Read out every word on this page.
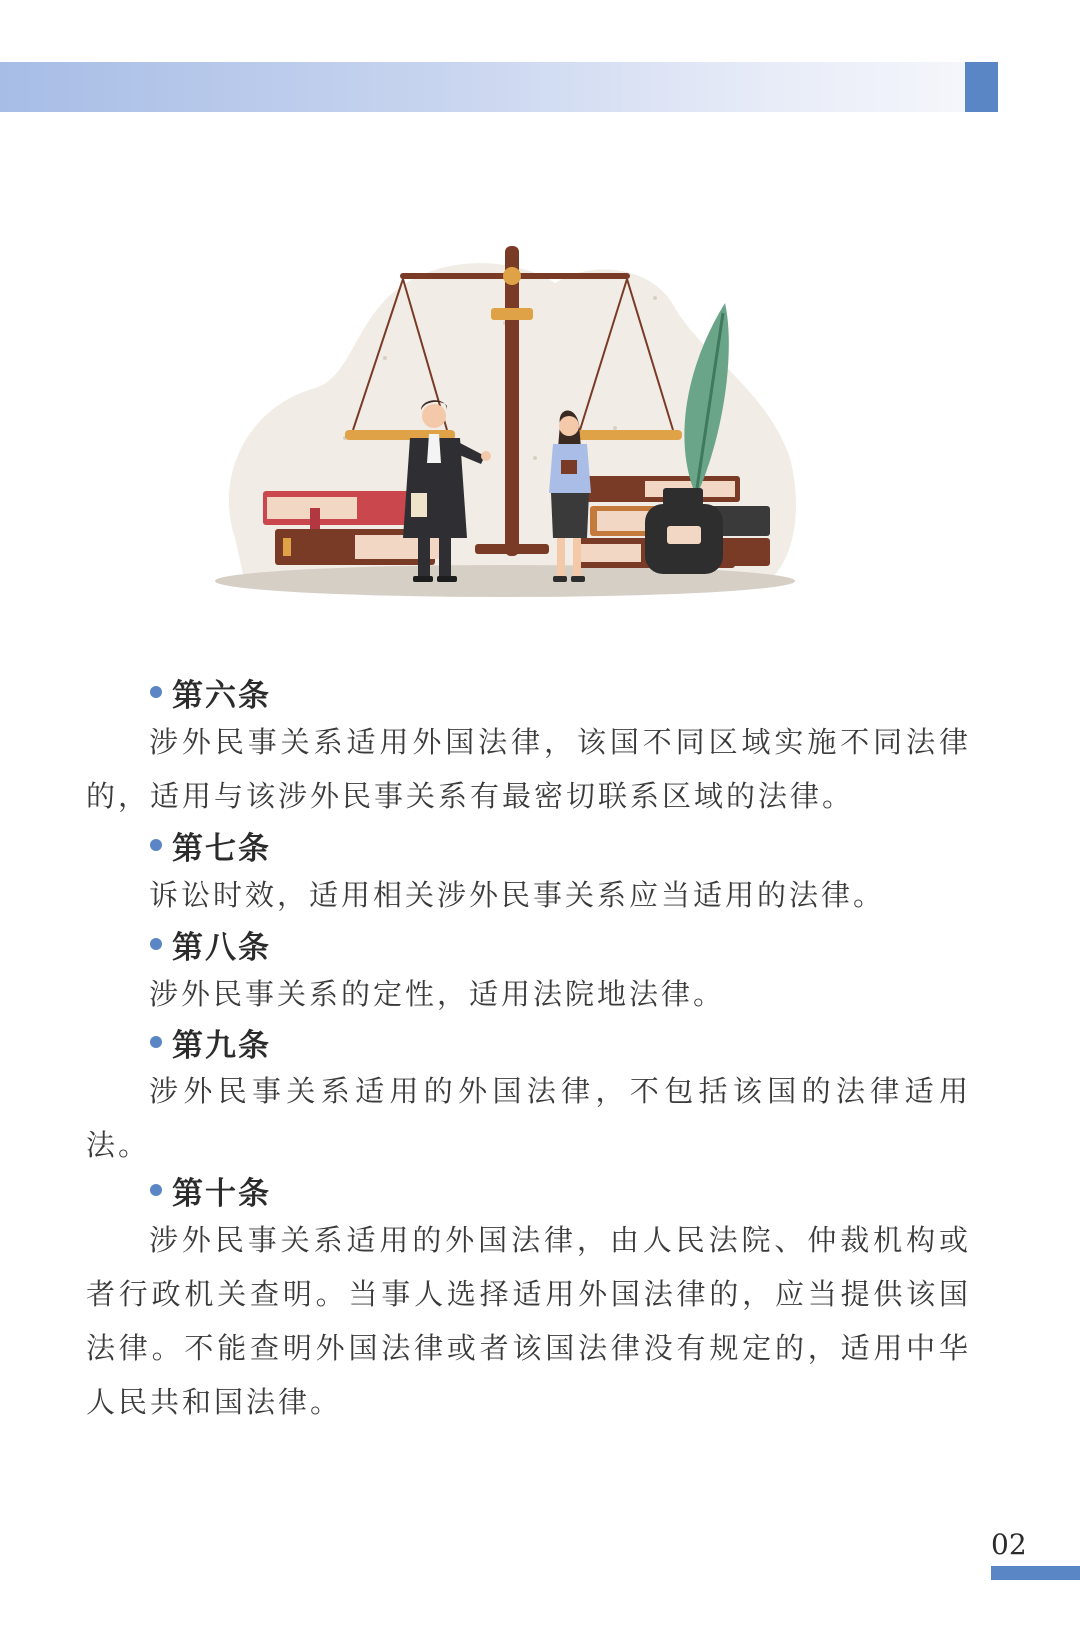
第六条

涉外民事关系适用外国法律，该国不同区域实施不同法律的，适用与该涉外民事关系有最密切联系区域的法律。

第七条

诉讼时效，适用相关涉外民事关系应当适用的法律。

第八条

涉外民事关系的定性，适用法院地法律。

第九条

涉外民事关系适用的外国法律，不包括该国的法律适用法。

第十条

涉外民事关系适用的外国法律，由人民法院、仲裁机构或者行政机关查明。当事人选择适用外国法律的，应当提供该国法律。不能查明外国法律或者该国法律没有规定的，适用中华人民共和国法律。

02
